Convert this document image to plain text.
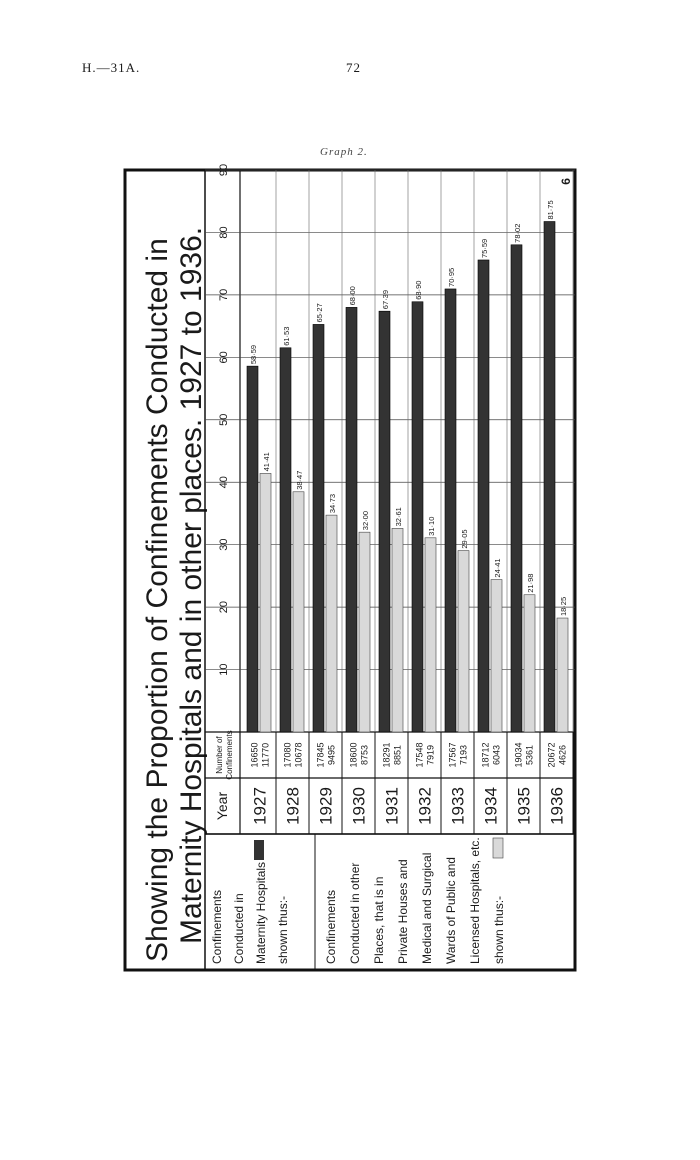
H.—31A.	72
Graph 2.
Showing the Proportion of Confinements Conducted in Maternity Hospitals and in other places. 1927 to 1936. Confinements Conducted in Maternity Hospitals shown thus:-	Confinements Conducted in other Places, that is in Private Houses and Medical and Surgical Wards of Public and Licensed Hospitals, etc. shown thus:-
Year
Number of Confinements
1927
16650 11770
1928
17080 10678
1929
17845 9495
1930
18600 8753
1931
18291 8851
1932
17548 7919
1933
17567 7193
1934
18712 6043
1935
19034 5361
1936
20672 4626
10
20
30
40
50
60
70
80
90
6
58·59
41·41
61·53
38·47
65·27
34·73
68·00
32·00
67·39
32·61
68·90
31·10
70·95
29·05
75·59
24·41
78·02
21·98
81·75
18·25
